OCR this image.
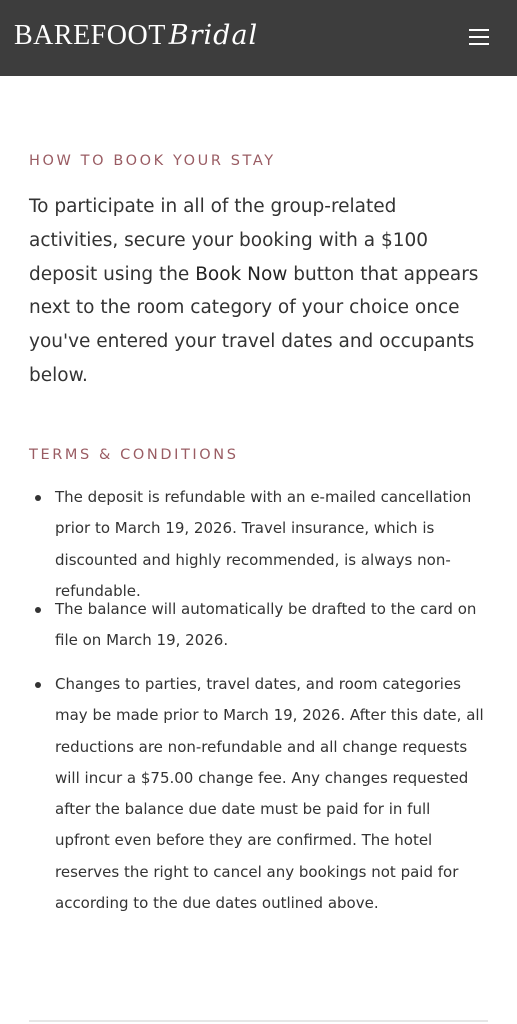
BAREFOOT Bridal
HOW TO BOOK YOUR STAY

To participate in all of the group-related activities, secure your booking with a $100 deposit using the Book Now button that appears next to the room category of your choice once you've entered your travel dates and occupants below.

TERMS & CONDITIONS
The deposit is refundable with an e-mailed cancellation prior to March 19, 2026. Travel insurance, which is discounted and highly recommended, is always non-refundable.
The balance will automatically be drafted to the card on file on March 19, 2026.
Changes to parties, travel dates, and room categories may be made prior to March 19, 2026. After this date, all reductions are non-refundable and all change requests will incur a $75.00 change fee. Any changes requested after the balance due date must be paid for in full upfront even before they are confirmed. The hotel reserves the right to cancel any bookings not paid for according to the due dates outlined above.
